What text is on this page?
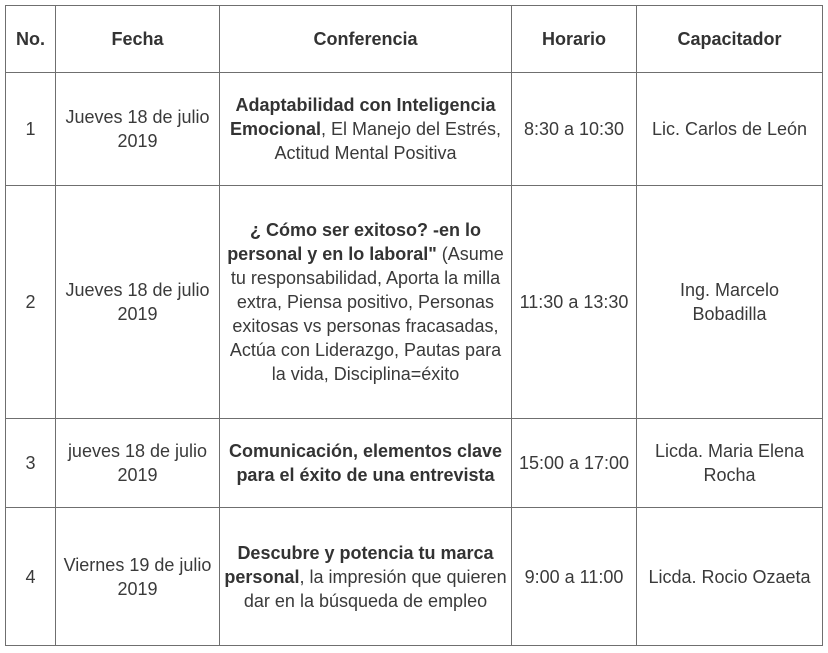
No.	Fecha	Conferencia	Horario	Capacitador
1	Jueves 18 de julio 2019	Adaptabilidad con Inteligencia Emocional, El Manejo del Estrés, Actitud Mental Positiva	8:30 a 10:30	Lic. Carlos de León
2	Jueves 18 de julio 2019	¿ Cómo ser exitoso? -en lo personal y en lo laboral" (Asume tu responsabilidad, Aporta la milla extra, Piensa positivo, Personas exitosas vs personas fracasadas, Actúa con Liderazgo, Pautas para la vida, Disciplina=éxito	11:30 a 13:30	Ing. Marcelo Bobadilla
3	jueves 18 de julio 2019	Comunicación, elementos clave para el éxito de una entrevista	15:00 a 17:00	Licda. Maria Elena Rocha
4	Viernes 19 de julio 2019	Descubre y potencia tu marca personal, la impresión que quieren dar en la búsqueda de empleo	9:00 a 11:00	Licda. Rocio Ozaeta
